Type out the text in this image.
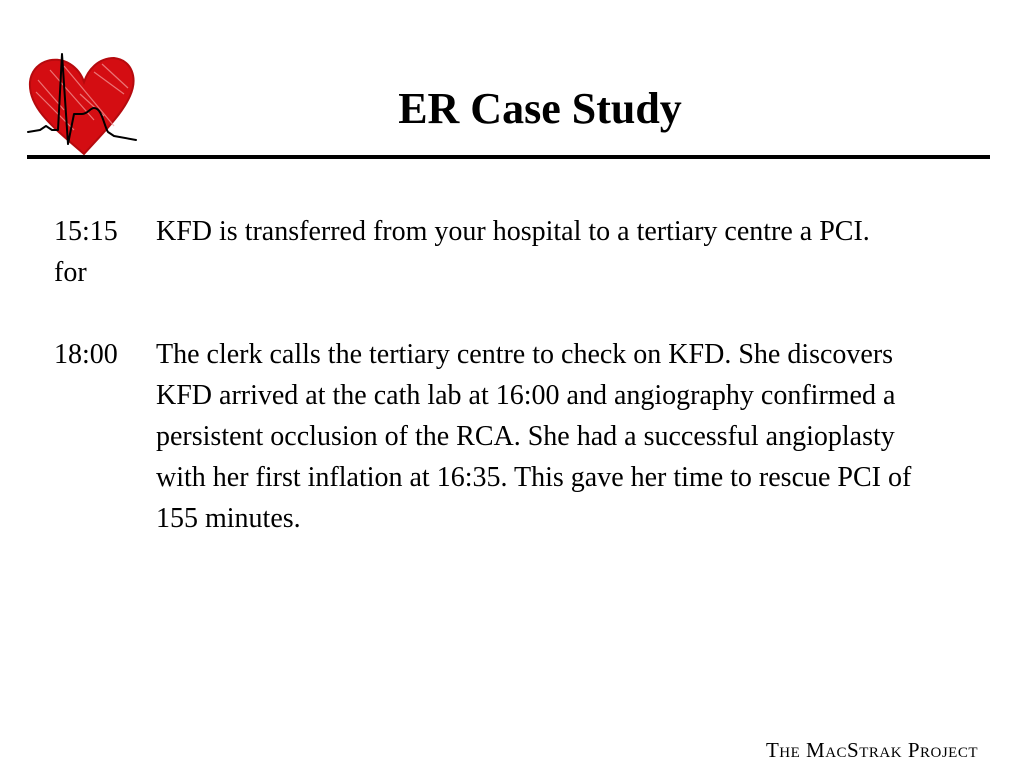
ER Case Study
15:15
for
KFD is transferred from your hospital to a tertiary centre a PCI.
18:00	The clerk calls the tertiary centre to check on KFD. She discovers KFD arrived at the cath lab at 16:00 and angiography confirmed a persistent occlusion of the RCA. She had a successful angioplasty with her first inflation at 16:35. This gave her time to rescue PCI of 155 minutes.
The MacStrak Project
